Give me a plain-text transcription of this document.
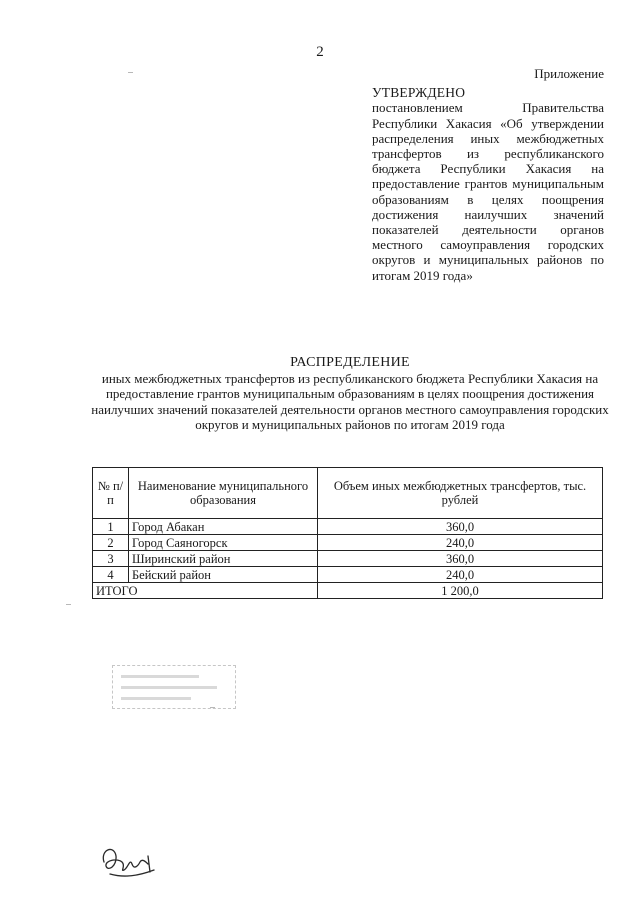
2
Приложение
УТВЕРЖДЕНО
постановлением Правительства Республики Хакасия «Об утверждении распределения иных межбюджетных трансфертов из республиканского бюджета Республики Хакасия на предоставление грантов муниципальным образованиям в целях поощрения достижения наилучших значений показателей деятельности органов местного самоуправления городских округов и муниципальных районов по итогам 2019 года»
РАСПРЕДЕЛЕНИЕ
иных межбюджетных трансфертов из республиканского бюджета Республики Хакасия на предоставление грантов муниципальным образованиям в целях поощрения достижения наилучших значений показателей деятельности органов местного самоуправления городских округов и муниципальных районов по итогам 2019 года
№ п/п	Наименование муниципального образования	Объем иных межбюджетных трансфертов, тыс. рублей
1	Город Абакан	360,0
2	Город Саяногорск	240,0
3	Ширинский район	360,0
4	Бейский район	240,0
ИТОГО		1 200,0
